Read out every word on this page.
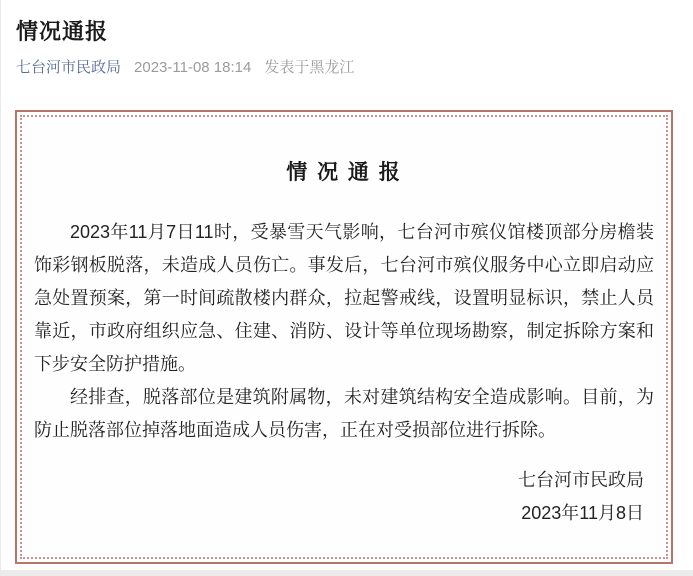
情况通报
七台河市民政局 2023-11-08 18:14 发表于黑龙江
情 况 通 报

2023年11月7日11时，受暴雪天气影响，七台河市殡仪馆楼顶部分房檐装饰彩钢板脱落，未造成人员伤亡。事发后，七台河市殡仪服务中心立即启动应急处置预案，第一时间疏散楼内群众，拉起警戒线，设置明显标识，禁止人员靠近，市政府组织应急、住建、消防、设计等单位现场勘察，制定拆除方案和下步安全防护措施。

经排查，脱落部位是建筑附属物，未对建筑结构安全造成影响。目前，为防止脱落部位掉落地面造成人员伤害，正在对受损部位进行拆除。

七台河市民政局
2023年11月8日
